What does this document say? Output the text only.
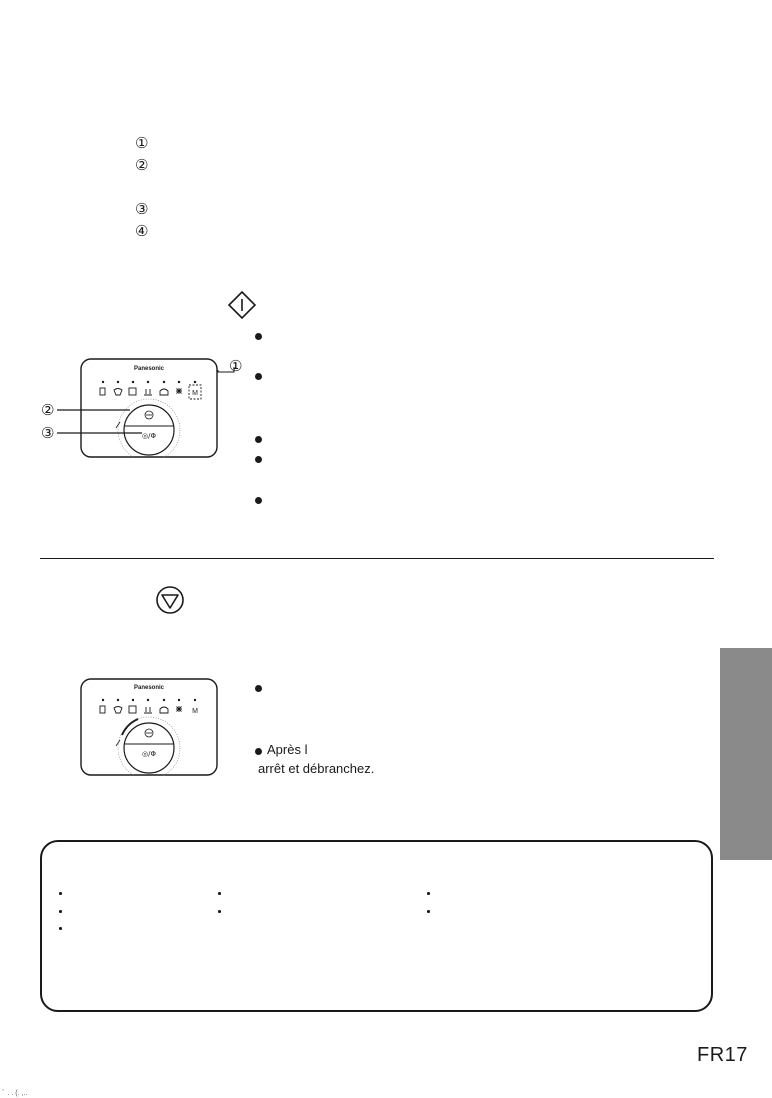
①
②
③
④
①
②
③
M
◎/Φ
Panesonic
M
◎/Φ
Panesonic
Après l
arrêt et débranchez.
FR17
ﾞ . . (. ,..
